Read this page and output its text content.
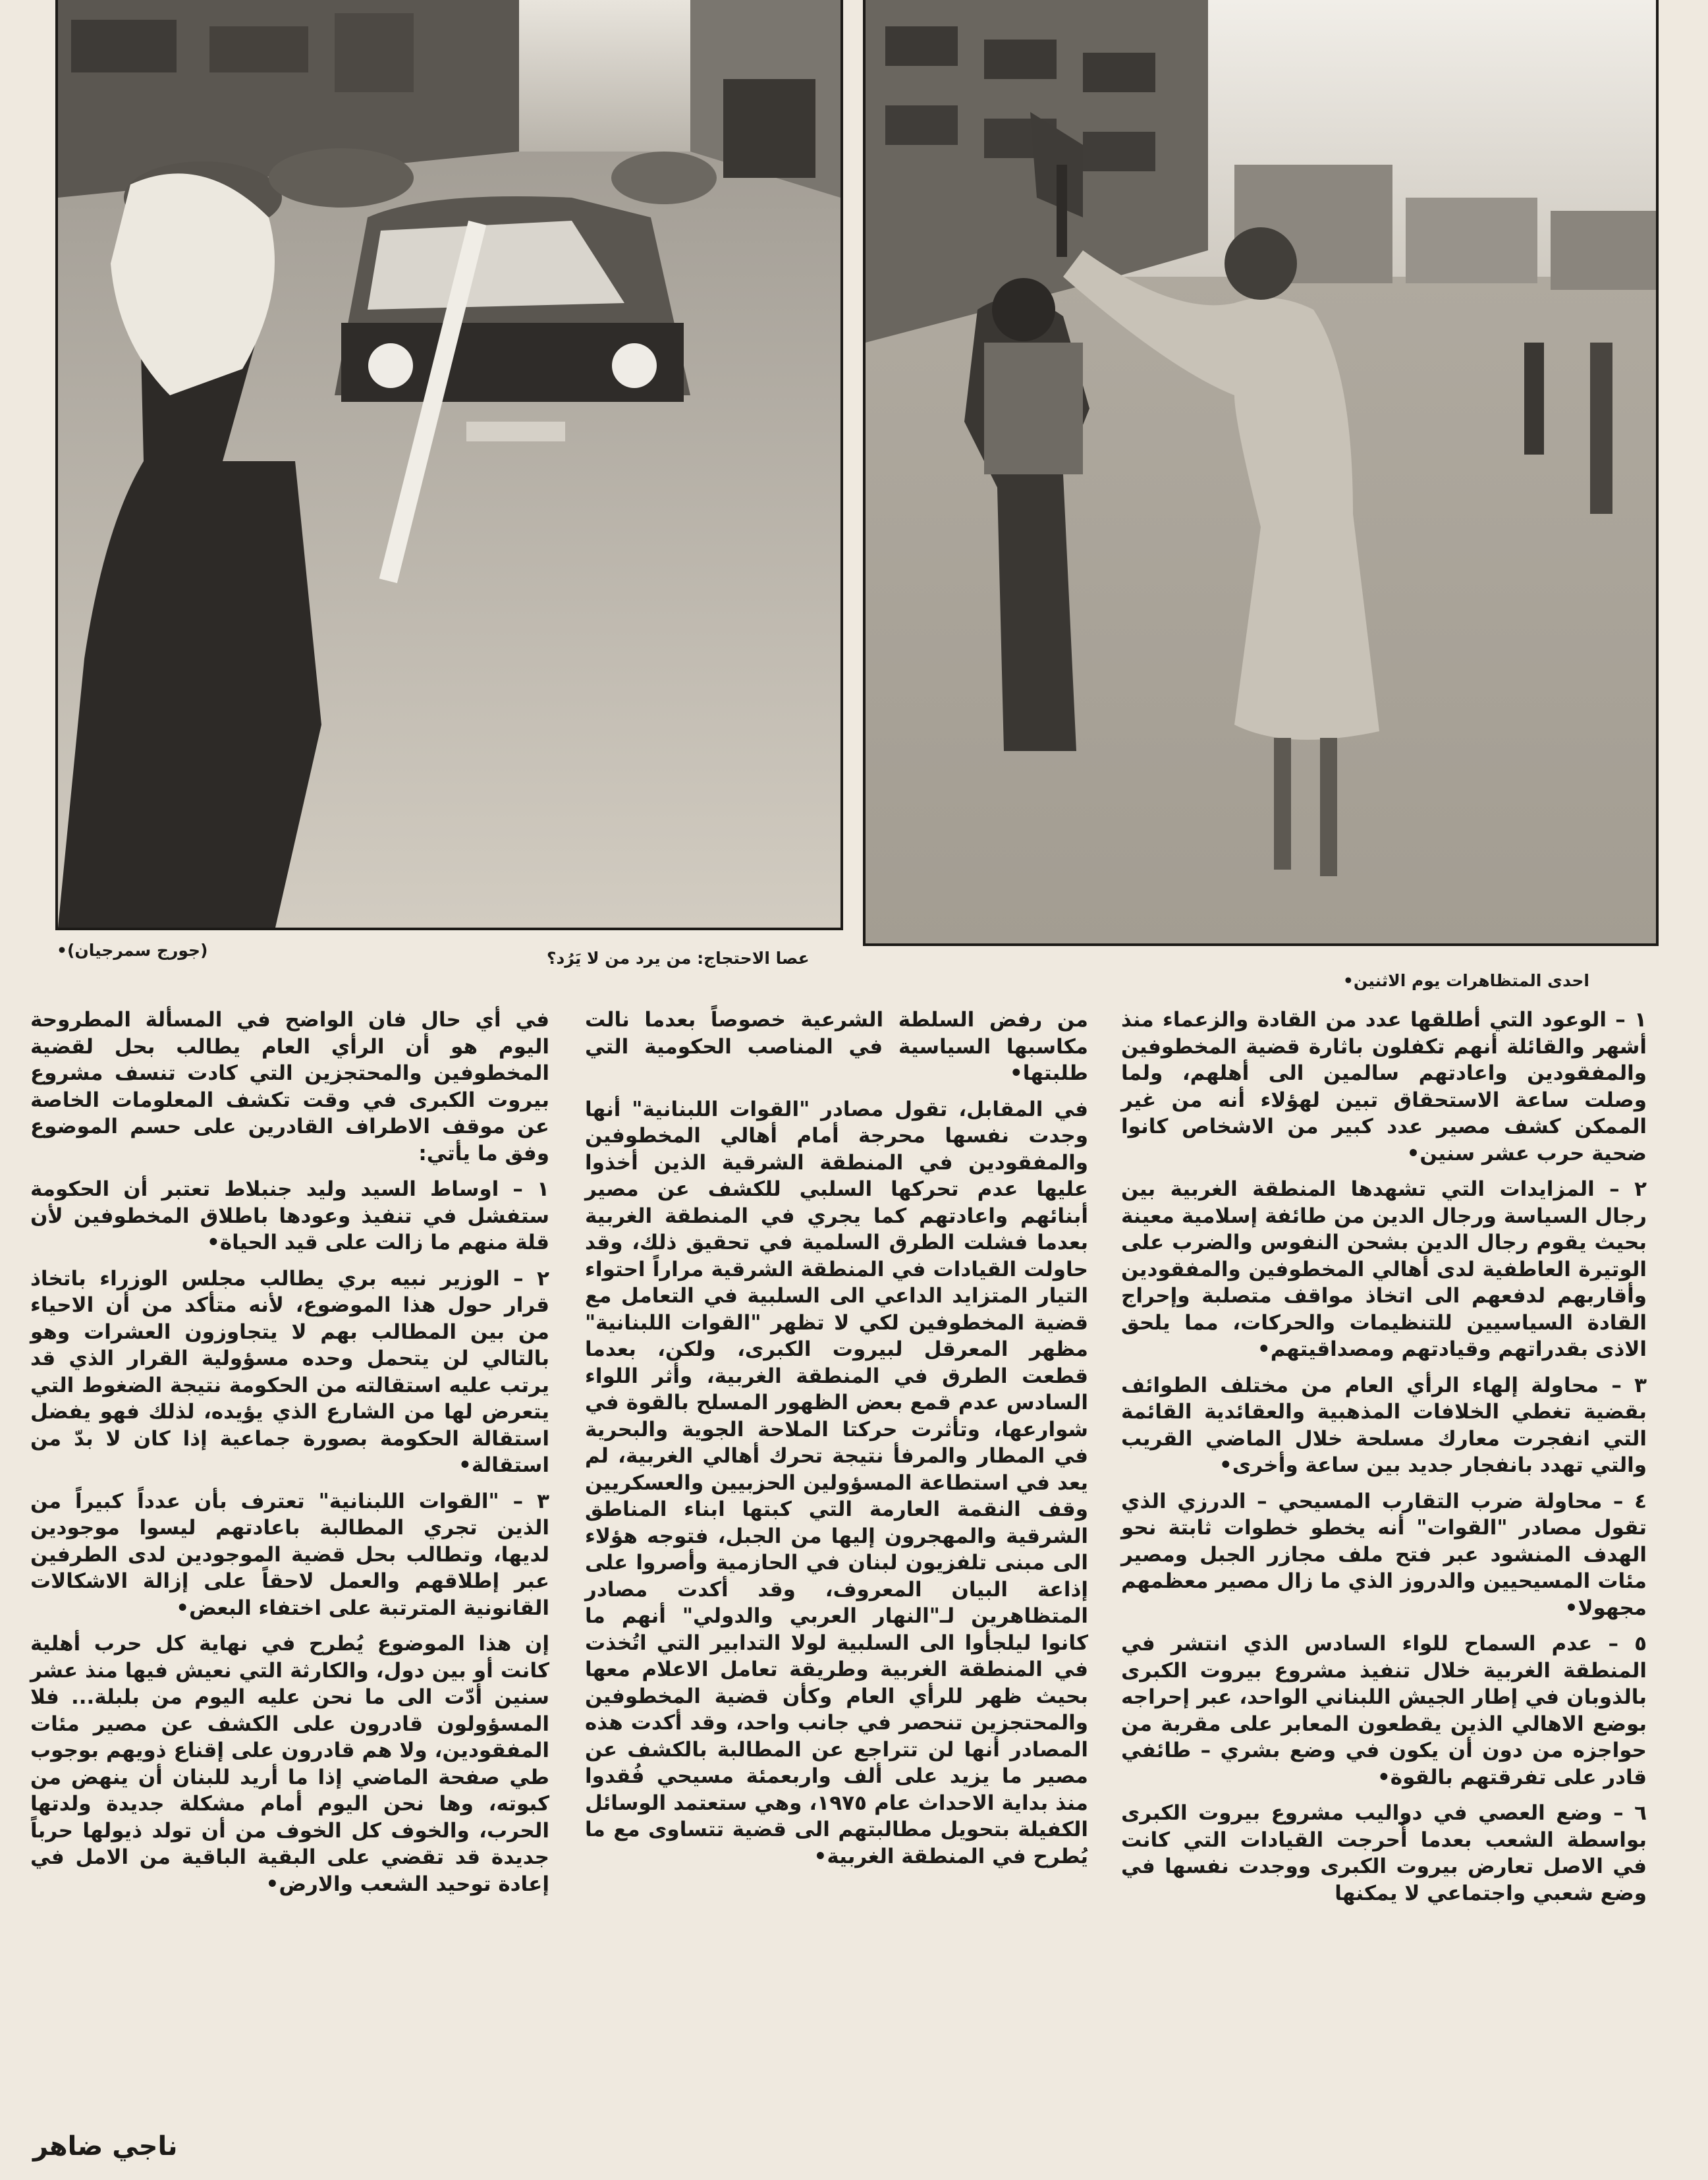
(جورج سمرجيان)•	عصا الاحتجاج: من يرد من لا يَرُد؟
احدى المتظاهرات يوم الاثنين•

١ – الوعود التي أطلقها عدد من القادة والزعماء منذ أشهر والقائلة أنهم تكفلون باثارة قضية المخطوفين والمفقودين واعادتهم سالمين الى أهلهم، ولما وصلت ساعة الاستحقاق تبين لهؤلاء أنه من غير الممكن كشف مصير عدد كبير من الاشخاص كانوا ضحية حرب عشر سنين•

٢ – المزايدات التي تشهدها المنطقة الغربية بين رجال السياسة ورجال الدين من طائفة إسلامية معينة بحيث يقوم رجال الدين بشحن النفوس والضرب على الوتيرة العاطفية لدى أهالي المخطوفين والمفقودين وأقاربهم لدفعهم الى اتخاذ مواقف متصلبة وإحراج القادة السياسيين للتنظيمات والحركات، مما يلحق الاذى بقدراتهم وقيادتهم ومصداقيتهم•

٣ – محاولة إلهاء الرأي العام من مختلف الطوائف بقضية تغطي الخلافات المذهبية والعقائدية القائمة التي انفجرت معارك مسلحة خلال الماضي القريب والتي تهدد بانفجار جديد بين ساعة وأخرى•

٤ – محاولة ضرب التقارب المسيحي – الدرزي الذي تقول مصادر "القوات" أنه يخطو خطوات ثابتة نحو الهدف المنشود عبر فتح ملف مجازر الجبل ومصير مئات المسيحيين والدروز الذي ما زال مصير معظمهم مجهولا•

٥ – عدم السماح للواء السادس الذي انتشر في المنطقة الغربية خلال تنفيذ مشروع بيروت الكبرى بالذوبان في إطار الجيش اللبناني الواحد، عبر إحراجه بوضع الاهالي الذين يقطعون المعابر على مقربة من حواجزه من دون أن يكون في وضع بشري – طائفي قادر على تفرقتهم بالقوة•

٦ – وضع العصي في دواليب مشروع بيروت الكبرى بواسطة الشعب بعدما أُحرجت القيادات التي كانت في الاصل تعارض بيروت الكبرى ووجدت نفسها في وضع شعبي واجتماعي لا يمكنها

من رفض السلطة الشرعية خصوصاً بعدما نالت مكاسبها السياسية في المناصب الحكومية التي طلبتها•

في المقابل، تقول مصادر "القوات اللبنانية" أنها وجدت نفسها محرجة أمام أهالي المخطوفين والمفقودين في المنطقة الشرقية الذين أخذوا عليها عدم تحركها السلبي للكشف عن مصير أبنائهم واعادتهم كما يجري في المنطقة الغربية بعدما فشلت الطرق السلمية في تحقيق ذلك، وقد حاولت القيادات في المنطقة الشرقية مراراً احتواء التيار المتزايد الداعي الى السلبية في التعامل مع قضية المخطوفين لكي لا تظهر "القوات اللبنانية" مظهر المعرقل لبيروت الكبرى، ولكن، بعدما قطعت الطرق في المنطقة الغربية، وأثر اللواء السادس عدم قمع بعض الظهور المسلح بالقوة في شوارعها، وتأثرت حركتا الملاحة الجوية والبحرية في المطار والمرفأ نتيجة تحرك أهالي الغربية، لم يعد في استطاعة المسؤولين الحزبيين والعسكريين وقف النقمة العارمة التي كبتها ابناء المناطق الشرقية والمهجرون إليها من الجبل، فتوجه هؤلاء الى مبنى تلفزيون لبنان في الحازمية وأصروا على إذاعة البيان المعروف، وقد أكدت مصادر المتظاهرين لـ"النهار العربي والدولي" أنهم ما كانوا ليلجأوا الى السلبية لولا التدابير التي اتُخذت في المنطقة الغربية وطريقة تعامل الاعلام معها بحيث ظهر للرأي العام وكأن قضية المخطوفين والمحتجزين تنحصر في جانب واحد، وقد أكدت هذه المصادر أنها لن تتراجع عن المطالبة بالكشف عن مصير ما يزيد على ألف واربعمئة مسيحي فُقدوا منذ بداية الاحداث عام ١٩٧٥، وهي ستعتمد الوسائل الكفيلة بتحويل مطالبتهم الى قضية تتساوى مع ما يُطرح في المنطقة الغربية•

في أي حال فان الواضح في المسألة المطروحة اليوم هو أن الرأي العام يطالب بحل لقضية المخطوفين والمحتجزين التي كادت تنسف مشروع بيروت الكبرى في وقت تكشف المعلومات الخاصة عن موقف الاطراف القادرين على حسم الموضوع وفق ما يأتي:

١ – اوساط السيد وليد جنبلاط تعتبر أن الحكومة ستفشل في تنفيذ وعودها باطلاق المخطوفين لأن قلة منهم ما زالت على قيد الحياة•

٢ – الوزير نبيه بري يطالب مجلس الوزراء باتخاذ قرار حول هذا الموضوع، لأنه متأكد من أن الاحياء من بين المطالب بهم لا يتجاوزون العشرات وهو بالتالي لن يتحمل وحده مسؤولية القرار الذي قد يرتب عليه استقالته من الحكومة نتيجة الضغوط التي يتعرض لها من الشارع الذي يؤيده، لذلك فهو يفضل استقالة الحكومة بصورة جماعية إذا كان لا بدّ من استقالة•

٣ – "القوات اللبنانية" تعترف بأن عدداً كبيراً من الذين تجري المطالبة باعادتهم ليسوا موجودين لديها، وتطالب بحل قضية الموجودين لدى الطرفين عبر إطلاقهم والعمل لاحقاً على إزالة الاشكالات القانونية المترتبة على اختفاء البعض•

إن هذا الموضوع يُطرح في نهاية كل حرب أهلية كانت أو بين دول، والكارثة التي نعيش فيها منذ عشر سنين أدّت الى ما نحن عليه اليوم من بلبلة... فلا المسؤولون قادرون على الكشف عن مصير مئات المفقودين، ولا هم قادرون على إقناع ذويهم بوجوب طي صفحة الماضي إذا ما أريد للبنان أن ينهض من كبوته، وها نحن اليوم أمام مشكلة جديدة ولدتها الحرب، والخوف كل الخوف من أن تولد ذيولها حرباً جديدة قد تقضي على البقية الباقية من الامل في إعادة توحيد الشعب والارض•

ناجي ضاهر
